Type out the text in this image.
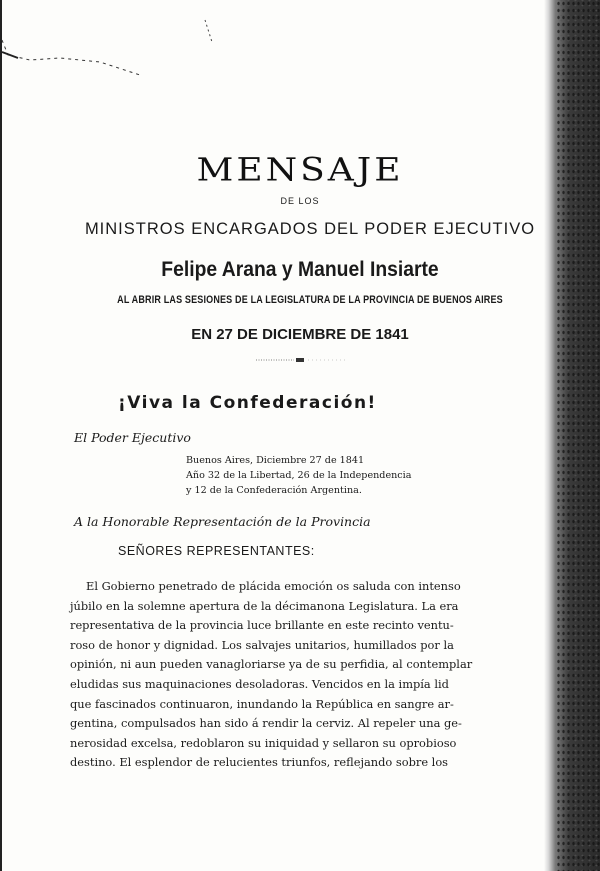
MENSAJE
DE LOS
MINISTROS ENCARGADOS DEL PODER EJECUTIVO
Felipe Arana y Manuel Insiarte
AL ABRIR LAS SESIONES DE LA LEGISLATURA DE LA PROVINCIA DE BUENOS AIRES
EN 27 DE DICIEMBRE DE 1841
¡Viva la Confederación!
El Poder Ejecutivo
Buenos Aires, Diciembre 27 de 1841
Año 32 de la Libertad, 26 de la Independencia
y 12 de la Confederación Argentina.
A la Honorable Representación de la Provincia
SEÑORES REPRESENTANTES:
El Gobierno penetrado de plácida emoción os saluda con intenso
júbilo en la solemne apertura de la décimanona Legislatura. La era
representativa de la provincia luce brillante en este recinto ventu-
roso de honor y dignidad. Los salvajes unitarios, humillados por la
opinión, ni aun pueden vanagloriarse ya de su perfidia, al contemplar
eludidas sus maquinaciones desoladoras. Vencidos en la impía lid
que fascinados continuaron, inundando la República en sangre ar-
gentina, compulsados han sido á rendir la cerviz. Al repeler una ge-
nerosidad excelsa, redoblaron su iniquidad y sellaron su oprobioso
destino. El esplendor de relucientes triunfos, reflejando sobre los
